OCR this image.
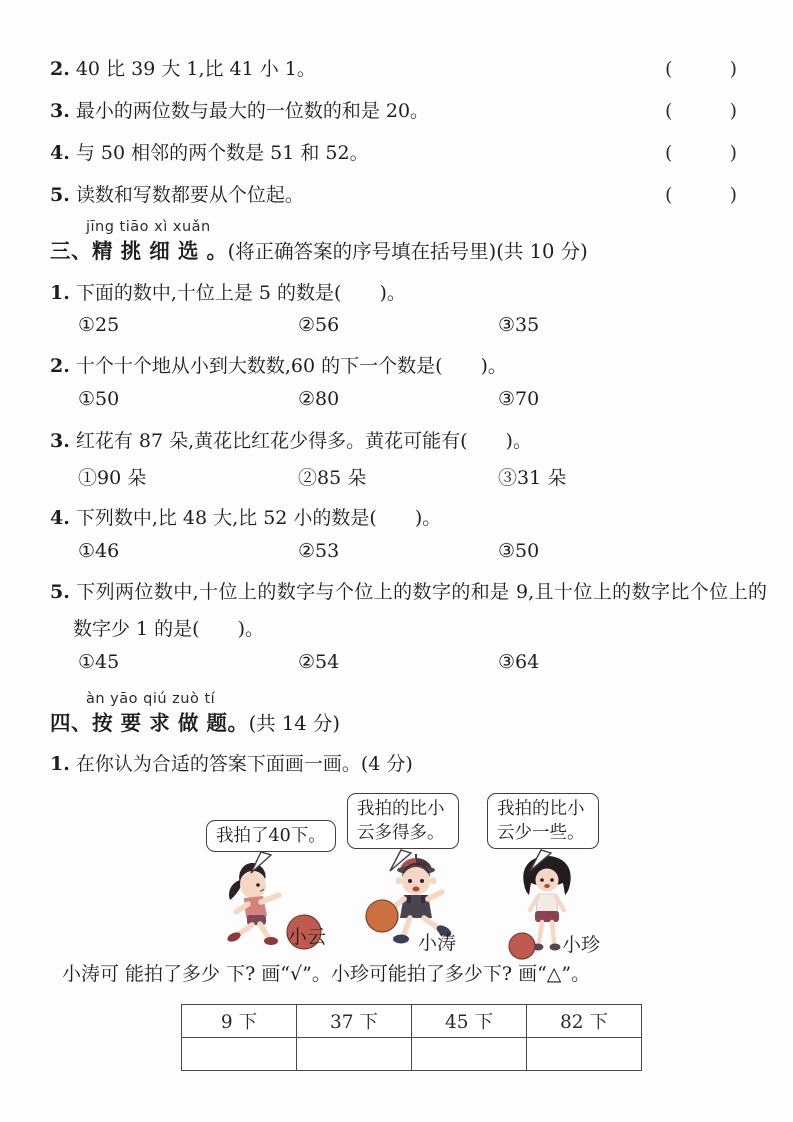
2. 40 比 39 大 1,比 41 小 1。	(	)
3. 最小的两位数与最大的一位数的和是 20。	(	)
4. 与 50 相邻的两个数是 51 和 52。	(	)
5. 读数和写数都要从个位起。	(	)
jīng tiāo xì xuǎn
三、精 挑 细 选 。(将正确答案的序号填在括号里)(共 10 分)
1. 下面的数中,十位上是 5 的数是(　　)。
①25	②56	③35
2. 十个十个地从小到大数数,60 的下一个数是(　　)。
①50	②80	③70
3. 红花有 87 朵,黄花比红花少得多。黄花可能有(　　)。
①90 朵	②85 朵	③31 朵
4. 下列数中,比 48 大,比 52 小的数是(　　)。
①46	②53	③50
5. 下列两位数中,十位上的数字与个位上的数字的和是 9,且十位上的数字比个位上的数字少 1 的是(　　)。
①45	②54	③64
àn yāo qiú zuò tí
四、按 要 求 做 题。(共 14 分)
1. 在你认为合适的答案下面画一画。(4 分)
我拍了40下。
我拍的比小云多得多。
我拍的比小云少一些。
小云	小涛	小珍
小涛可 能拍了多少 下? 画“√”。小珍可能拍了多少下? 画“△”。
9 下	37 下	45 下	82 下
